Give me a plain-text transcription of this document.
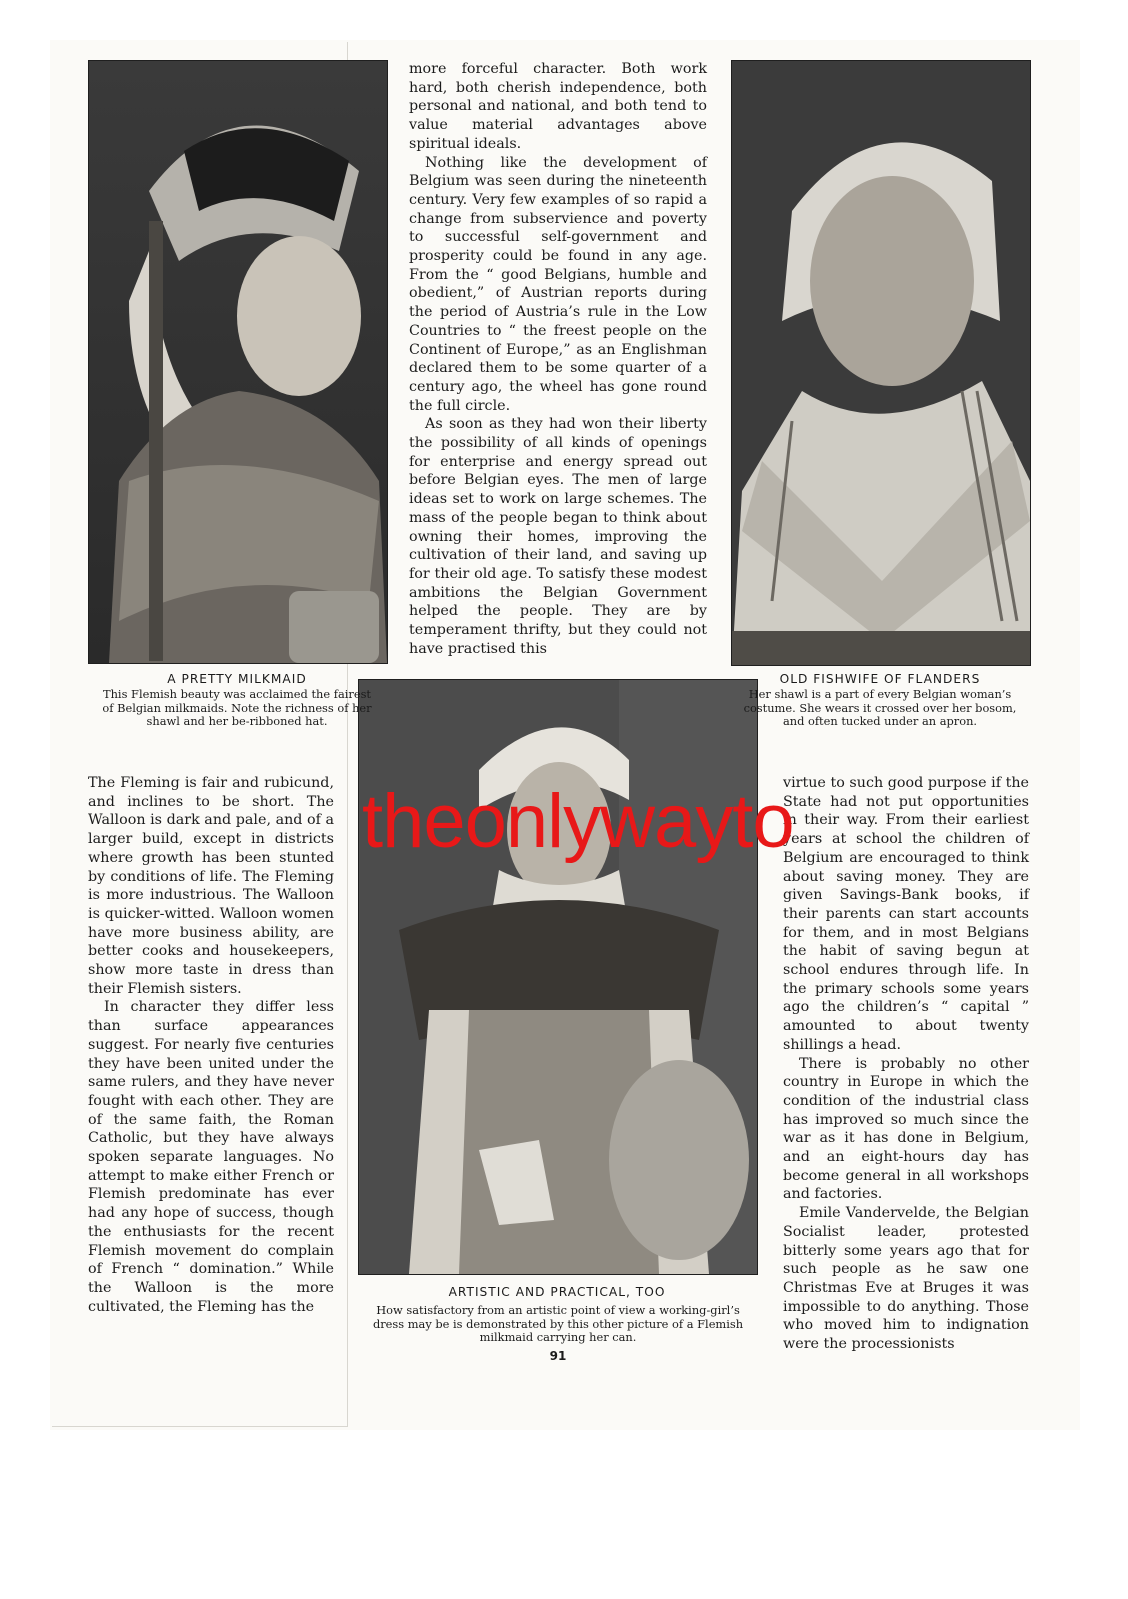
more forceful character. Both work hard, both cherish independence, both personal and national, and both tend to value material advantages above spiritual ideals.

Nothing like the development of Belgium was seen during the nineteenth century. Very few examples of so rapid a change from subservience and poverty to successful self-government and prosperity could be found in any age. From the “ good Belgians, humble and obedient,” of Austrian reports during the period of Austria’s rule in the Low Countries to “ the freest people on the Continent of Europe,” as an Englishman declared them to be some quarter of a century ago, the wheel has gone round the full circle.

As soon as they had won their liberty the possibility of all kinds of openings for enterprise and energy spread out before Belgian eyes. The men of large ideas set to work on large schemes. The mass of the people began to think about owning their homes, improving the cultivation of their land, and saving up for their old age. To satisfy these modest ambitions the Belgian Government helped the people. They are by temperament thrifty, but they could not have practised this

A PRETTY MILKMAID
This Flemish beauty was acclaimed the fairest of Belgian milkmaids. Note the richness of her shawl and her be-ribboned hat.
OLD FISHWIFE OF FLANDERS
Her shawl is a part of every Belgian woman’s costume. She wears it crossed over her bosom, and often tucked under an apron.
ARTISTIC AND PRACTICAL, TOO
How satisfactory from an artistic point of view a working-girl’s dress may be is demonstrated by this other picture of a Flemish milkmaid carrying her can.

The Fleming is fair and rubicund, and inclines to be short. The Walloon is dark and pale, and of a larger build, except in districts where growth has been stunted by conditions of life. The Fleming is more industrious. The Walloon is quicker-witted. Walloon women have more business ability, are better cooks and housekeepers, show more taste in dress than their Flemish sisters.

In character they differ less than surface appearances suggest. For nearly five centuries they have been united under the same rulers, and they have never fought with each other. They are of the same faith, the Roman Catholic, but they have always spoken separate languages. No attempt to make either French or Flemish predominate has ever had any hope of success, though the enthusiasts for the recent Flemish movement do complain of French “ domination.” While the Walloon is the more cultivated, the Fleming has the

virtue to such good purpose if the State had not put opportunities in their way. From their earliest years at school the children of Belgium are encouraged to think about saving money. They are given Savings-Bank books, if their parents can start accounts for them, and in most Belgians the habit of saving begun at school endures through life. In the primary schools some years ago the children’s “ capital ” amounted to about twenty shillings a head.

There is probably no other country in Europe in which the condition of the industrial class has improved so much since the war as it has done in Belgium, and an eight-hours day has become general in all workshops and factories.

Emile Vandervelde, the Belgian Socialist leader, protested bitterly some years ago that for such people as he saw one Christmas Eve at Bruges it was impossible to do anything. Those who moved him to indignation were the processionists

91
theonlywayto
